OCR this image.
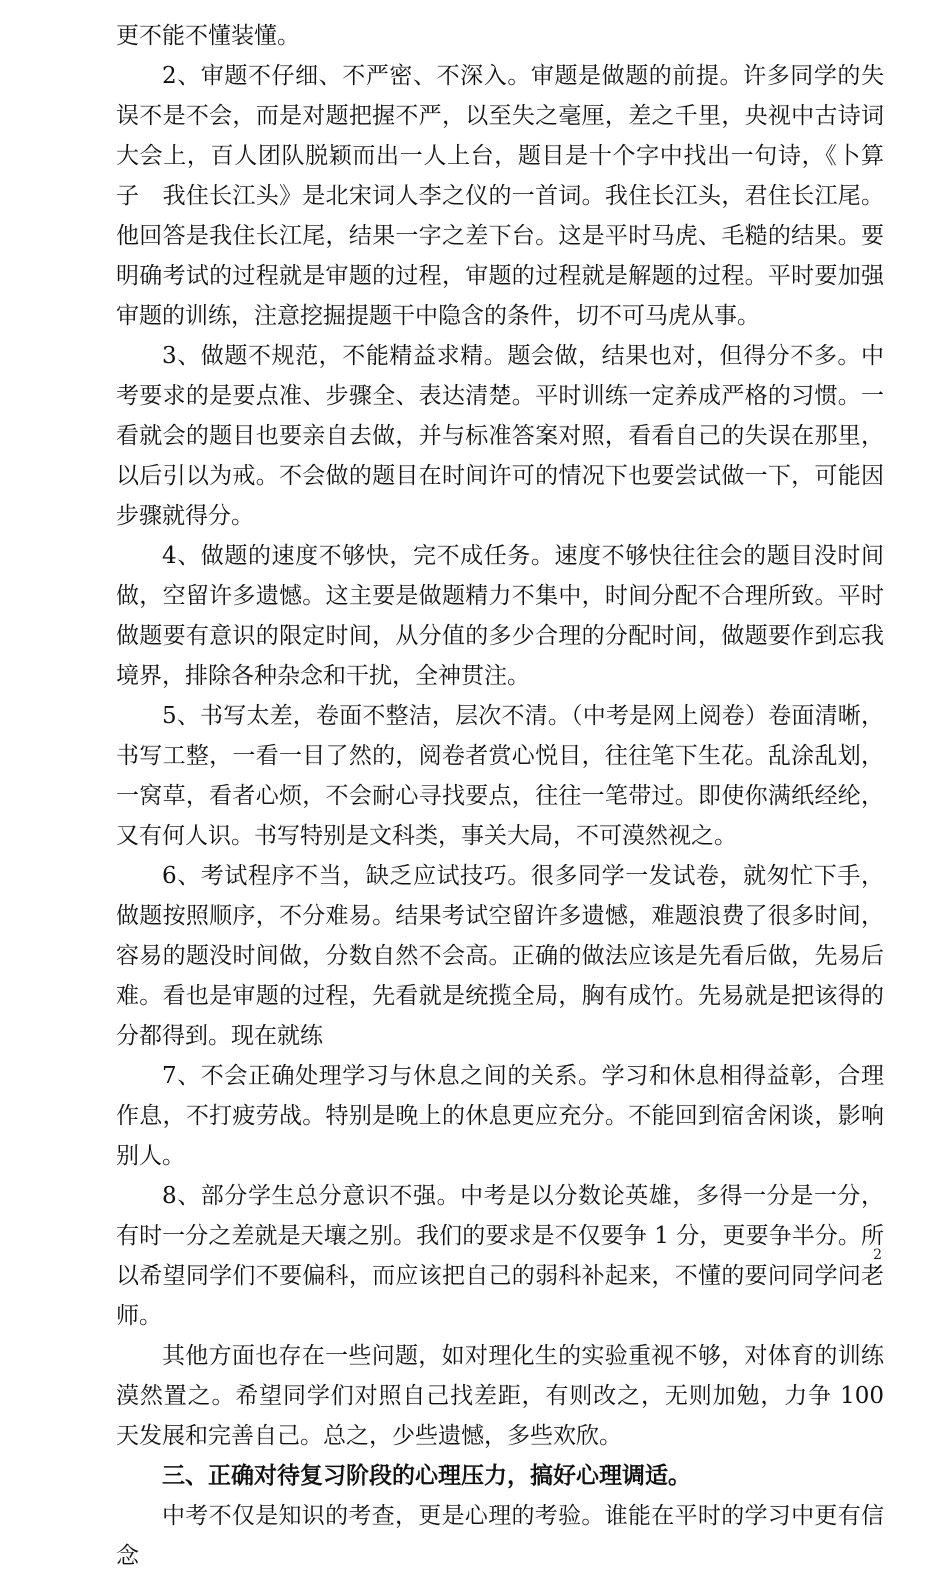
更不能不懂装懂。

2、审题不仔细、不严密、不深入。审题是做题的前提。许多同学的失误不是不会，而是对题把握不严，以至失之毫厘，差之千里，央视中古诗词大会上，百人团队脱颖而出一人上台，题目是十个字中找出一句诗，《卜算子　我住长江头》是北宋词人李之仪的一首词。我住长江头，君住长江尾。他回答是我住长江尾，结果一字之差下台。这是平时马虎、毛糙的结果。要明确考试的过程就是审题的过程，审题的过程就是解题的过程。平时要加强审题的训练，注意挖掘提题干中隐含的条件，切不可马虎从事。

3、做题不规范，不能精益求精。题会做，结果也对，但得分不多。中考要求的是要点准、步骤全、表达清楚。平时训练一定养成严格的习惯。一看就会的题目也要亲自去做，并与标准答案对照，看看自己的失误在那里，以后引以为戒。不会做的题目在时间许可的情况下也要尝试做一下，可能因步骤就得分。

4、做题的速度不够快，完不成任务。速度不够快往往会的题目没时间做，空留许多遗憾。这主要是做题精力不集中，时间分配不合理所致。平时做题要有意识的限定时间，从分值的多少合理的分配时间，做题要作到忘我境界，排除各种杂念和干扰，全神贯注。

5、书写太差，卷面不整洁，层次不清。（中考是网上阅卷）卷面清晰，书写工整，一看一目了然的，阅卷者赏心悦目，往往笔下生花。乱涂乱划，一窝草，看者心烦，不会耐心寻找要点，往往一笔带过。即使你满纸经纶，又有何人识。书写特别是文科类，事关大局，不可漠然视之。

6、考试程序不当，缺乏应试技巧。很多同学一发试卷，就匆忙下手，做题按照顺序，不分难易。结果考试空留许多遗憾，难题浪费了很多时间，容易的题没时间做，分数自然不会高。正确的做法应该是先看后做，先易后难。看也是审题的过程，先看就是统揽全局，胸有成竹。先易就是把该得的分都得到。现在就练

7、不会正确处理学习与休息之间的关系。学习和休息相得益彰，合理作息，不打疲劳战。特别是晚上的休息更应充分。不能回到宿舍闲谈，影响别人。

8、部分学生总分意识不强。中考是以分数论英雄，多得一分是一分，有时一分之差就是天壤之别。我们的要求是不仅要争 1 分，更要争半分。所以希望同学们不要偏科，而应该把自己的弱科补起来，不懂的要问同学问老师。

其他方面也存在一些问题，如对理化生的实验重视不够，对体育的训练漠然置之。希望同学们对照自己找差距，有则改之，无则加勉，力争 100 天发展和完善自己。总之，少些遗憾，多些欢欣。

三、正确对待复习阶段的心理压力，搞好心理调适。

中考不仅是知识的考查，更是心理的考验。谁能在平时的学习中更有信念

2
